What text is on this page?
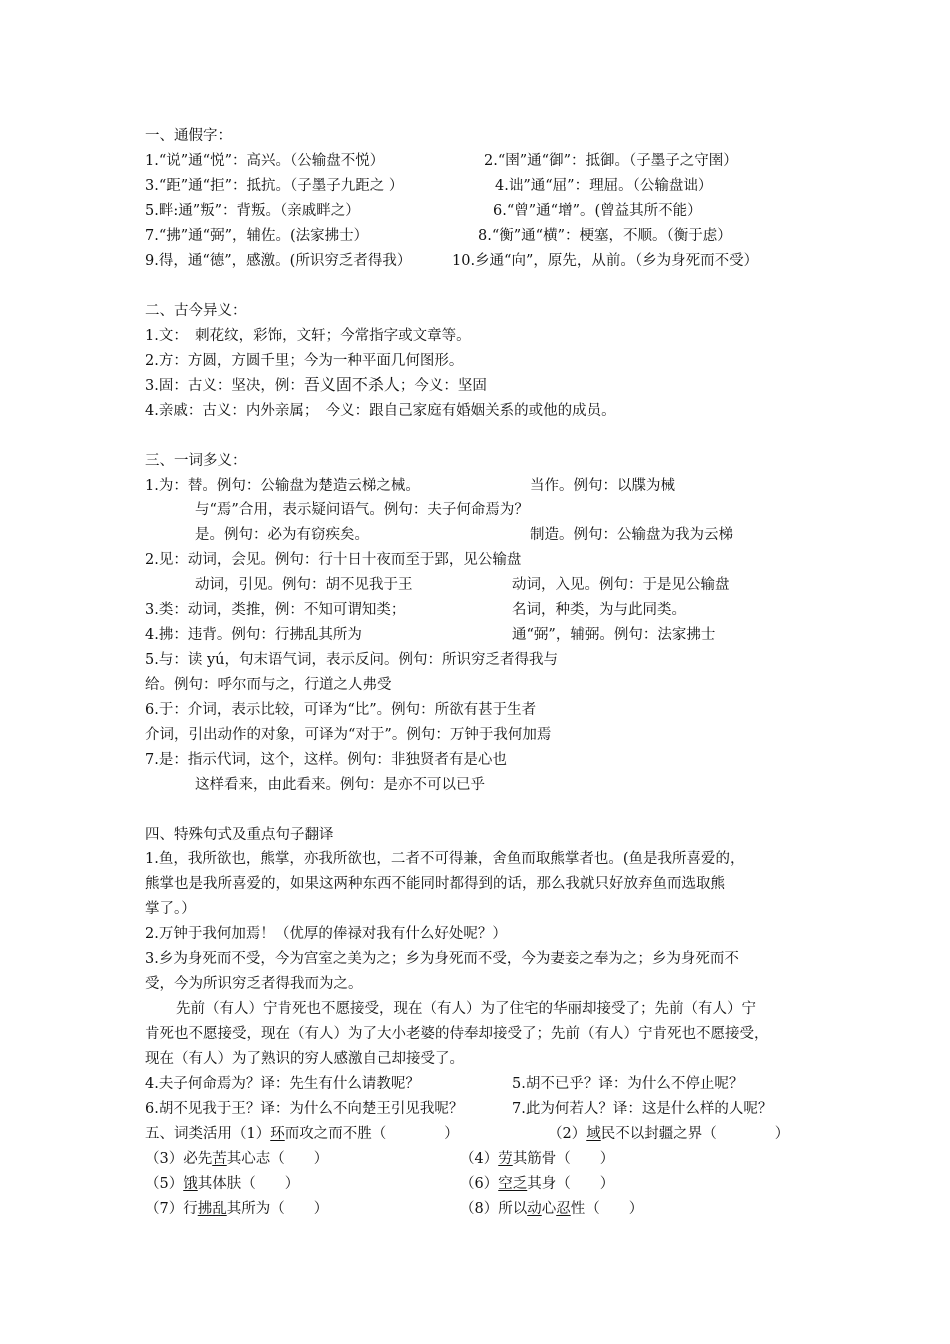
一、通假字：
1.“说”通“悦”：高兴。（公输盘不悦）	2.“圉”通“御”：抵御。（子墨子之守圉）
3.“距”通“拒”：抵抗。（子墨子九距之 ）	4.诎”通“屈”：理屈。（公输盘诎）
5.畔:通”叛”：背叛。（亲戚畔之）	6.“曾”通“增”。(曾益其所不能）
7.“拂”通“弼”，辅佐。(法家拂士）	8.“衡”通“横”：梗塞，不顺。（衡于虑）
9.得，通“德”，感激。(所识穷乏者得我）	10.乡通“向”，原先，从前。（乡为身死而不受）
二、古今异义：
1.文：　刺花纹，彩饰，文轩；今常指字或文章等。
2.方：方圆，方圆千里；今为一种平面几何图形。
3.固：古义：坚决，例：吾义固不杀人；今义：坚固
4.亲戚：古义：内外亲属；　今义：跟自己家庭有婚姻关系的或他的成员。
三、一词多义：
1.为：替。例句：公输盘为楚造云梯之械。	当作。例句：以牒为械
与“焉”合用，表示疑问语气。例句：夫子何命焉为？
是。例句：必为有窃疾矣。	制造。例句：公输盘为我为云梯
2.见：动词，会见。例句：行十日十夜而至于郢，见公输盘
动词，引见。例句：胡不见我于王	动词，入见。例句：于是见公输盘
3.类：动词，类推，例：不知可谓知类；	名词，种类，为与此同类。
4.拂：违背。例句：行拂乱其所为	通“弼”，辅弼。例句：法家拂士
5.与：读 yú，句末语气词，表示反问。例句：所识穷乏者得我与
给。例句：呼尔而与之，行道之人弗受
6.于：介词，表示比较，可译为“比”。例句：所欲有甚于生者
介词，引出动作的对象，可译为“对于”。例句：万钟于我何加焉
7.是：指示代词，这个，这样。例句：非独贤者有是心也
这样看来，由此看来。例句：是亦不可以已乎
四、特殊句式及重点句子翻译
1.鱼，我所欲也，熊掌，亦我所欲也，二者不可得兼，舍鱼而取熊掌者也。(鱼是我所喜爱的，
熊掌也是我所喜爱的，如果这两种东西不能同时都得到的话，那么我就只好放弃鱼而选取熊
掌了。）
2.万钟于我何加焉！（优厚的俸禄对我有什么好处呢？）
3.乡为身死而不受，今为宫室之美为之；乡为身死而不受，今为妻妾之奉为之；乡为身死而不
受，今为所识穷乏者得我而为之。
先前（有人）宁肯死也不愿接受，现在（有人）为了住宅的华丽却接受了；先前（有人）宁
肯死也不愿接受，现在（有人）为了大小老婆的侍奉却接受了；先前（有人）宁肯死也不愿接受，
现在（有人）为了熟识的穷人感激自己却接受了。
4.夫子何命焉为？译：先生有什么请教呢？	5.胡不已乎？译：为什么不停止呢？
6.胡不见我于王？译：为什么不向楚王引见我呢？	7.此为何若人？译：这是什么样的人呢？
五、词类活用（1）环而攻之而不胜（　　　　）	（2）域民不以封疆之界（　　　　）
（3）必先苦其心志（　　）	（4）劳其筋骨（　　）
（5）饿其体肤（　　）	（6）空乏其身（　　）
（7）行拂乱其所为（　　）	（8）所以动心忍性（　　）
